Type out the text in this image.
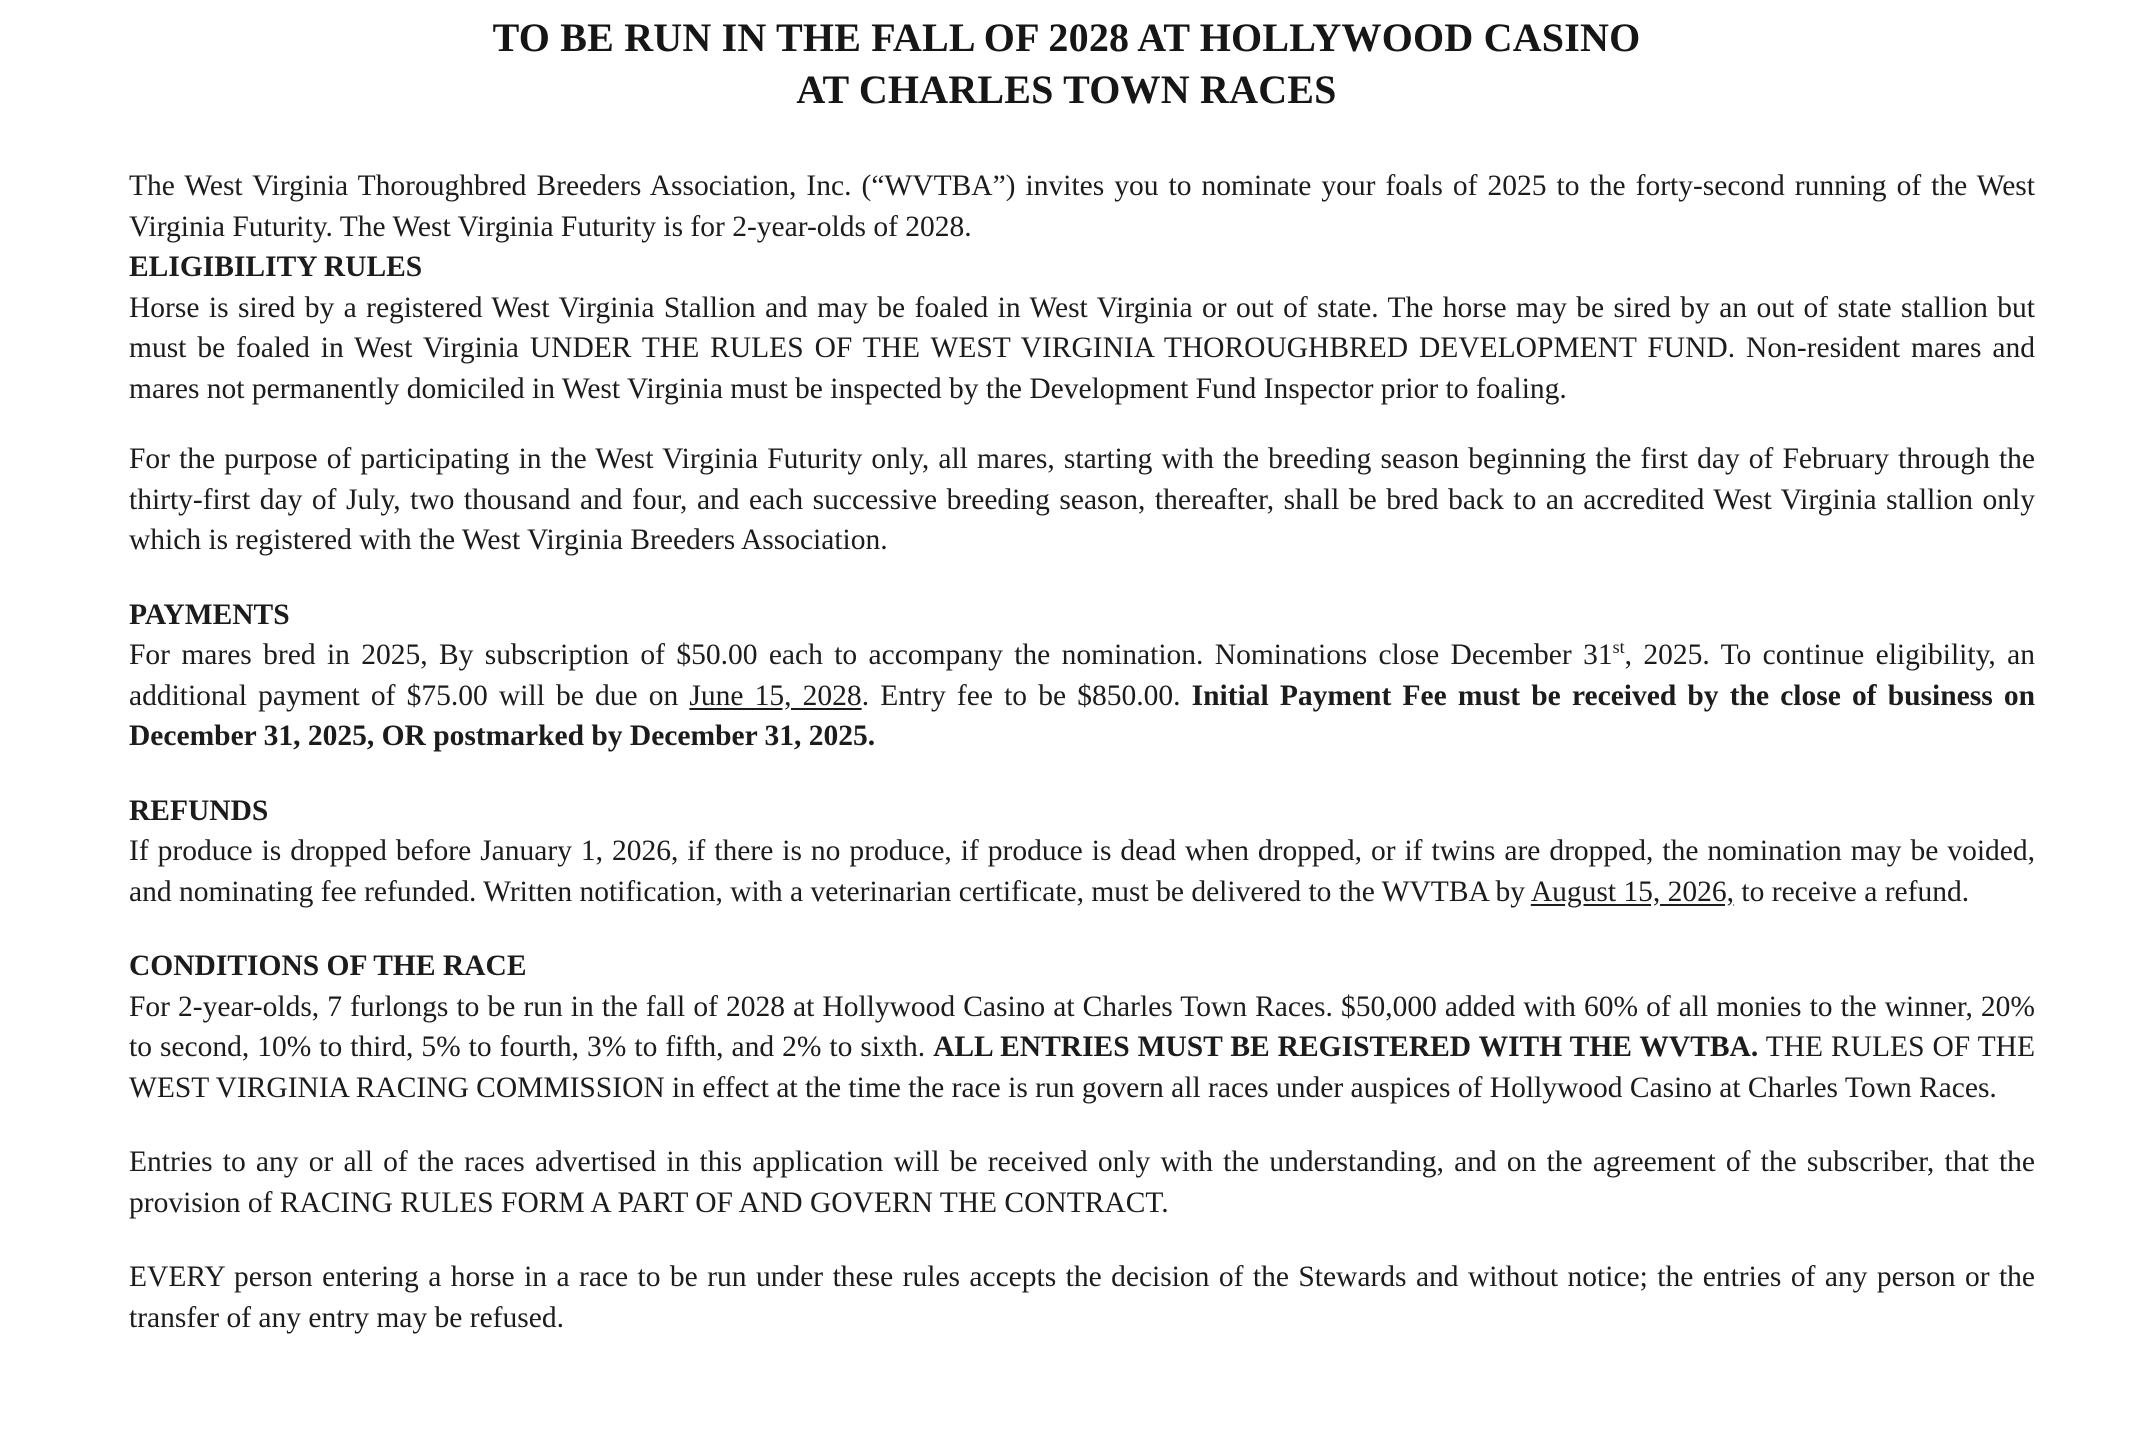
TO BE RUN IN THE FALL OF 2028 AT HOLLYWOOD CASINO
AT CHARLES TOWN RACES

The West Virginia Thoroughbred Breeders Association, Inc. (“WVTBA”) invites you to nominate your foals of 2025 to the forty-second running of the West Virginia Futurity. The West Virginia Futurity is for 2-year-olds of 2028.

ELIGIBILITY RULES

Horse is sired by a registered West Virginia Stallion and may be foaled in West Virginia or out of state. The horse may be sired by an out of state stallion but must be foaled in West Virginia UNDER THE RULES OF THE WEST VIRGINIA THOROUGHBRED DEVELOPMENT FUND. Non-resident mares and mares not permanently domiciled in West Virginia must be inspected by the Development Fund Inspector prior to foaling.

For the purpose of participating in the West Virginia Futurity only, all mares, starting with the breeding season beginning the first day of February through the thirty-first day of July, two thousand and four, and each successive breeding season, thereafter, shall be bred back to an accredited West Virginia stallion only which is registered with the West Virginia Breeders Association.

PAYMENTS

For mares bred in 2025, By subscription of $50.00 each to accompany the nomination. Nominations close December 31st, 2025. To continue eligibility, an additional payment of $75.00 will be due on June 15, 2028. Entry fee to be $850.00. Initial Payment Fee must be received by the close of business on December 31, 2025, OR postmarked by December 31, 2025.

REFUNDS

If produce is dropped before January 1, 2026, if there is no produce, if produce is dead when dropped, or if twins are dropped, the nomination may be voided, and nominating fee refunded. Written notification, with a veterinarian certificate, must be delivered to the WVTBA by August 15, 2026, to receive a refund.

CONDITIONS OF THE RACE

For 2-year-olds, 7 furlongs to be run in the fall of 2028 at Hollywood Casino at Charles Town Races. $50,000 added with 60% of all monies to the winner, 20% to second, 10% to third, 5% to fourth, 3% to fifth, and 2% to sixth. ALL ENTRIES MUST BE REGISTERED WITH THE WVTBA. THE RULES OF THE WEST VIRGINIA RACING COMMISSION in effect at the time the race is run govern all races under auspices of Hollywood Casino at Charles Town Races.

Entries to any or all of the races advertised in this application will be received only with the understanding, and on the agreement of the subscriber, that the provision of RACING RULES FORM A PART OF AND GOVERN THE CONTRACT.

EVERY person entering a horse in a race to be run under these rules accepts the decision of the Stewards and without notice; the entries of any person or the transfer of any entry may be refused.
